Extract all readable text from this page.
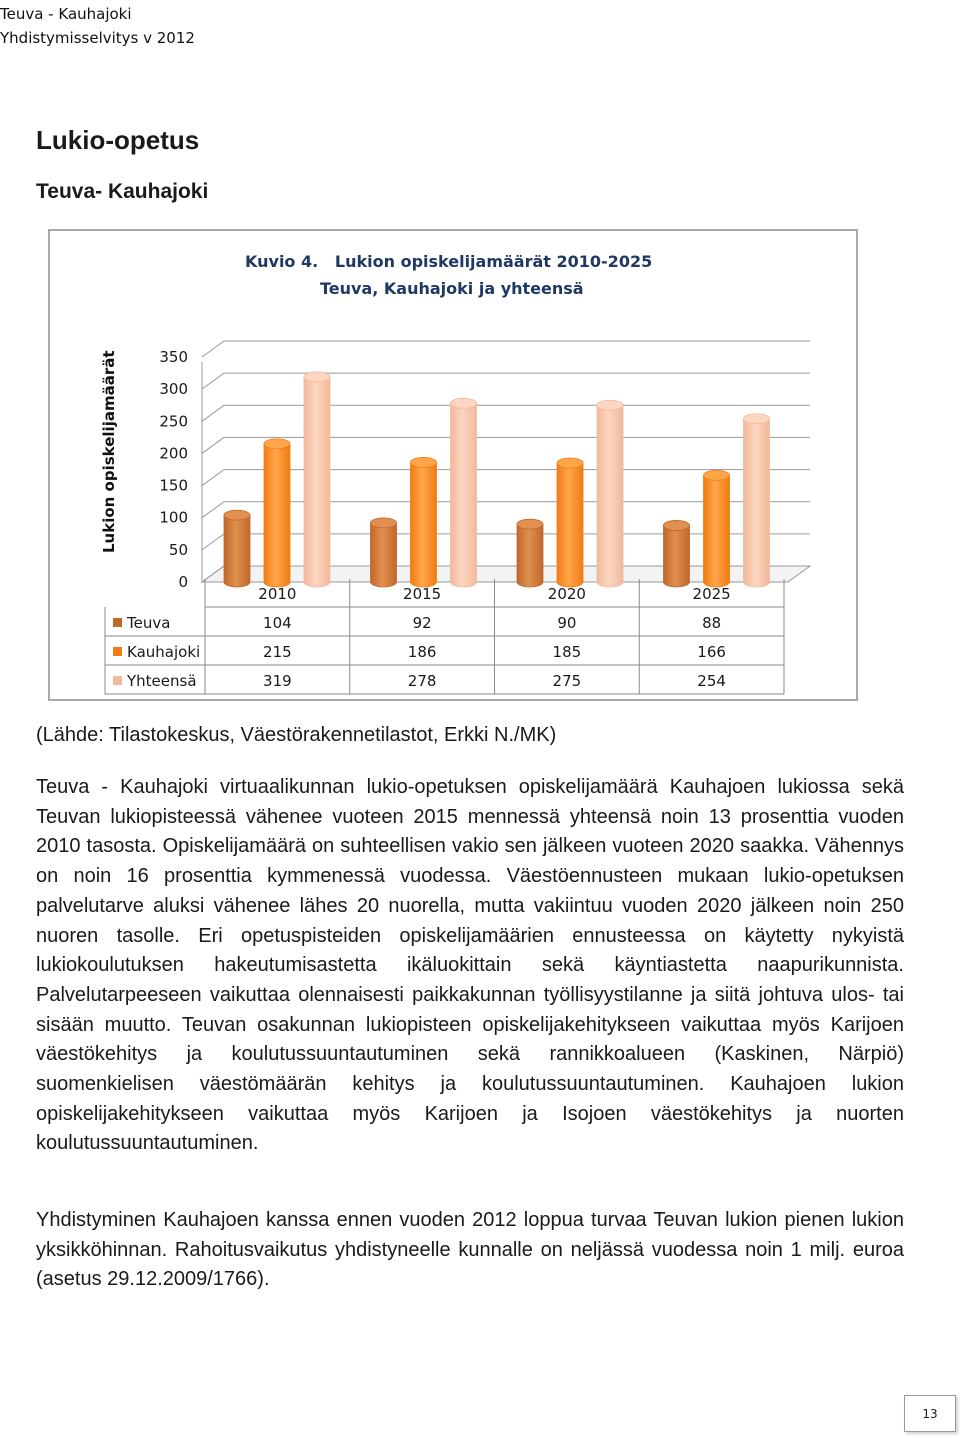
Teuva - Kauhajoki
Yhdistymisselvitys v 2012
Lukio-opetus
Teuva- Kauhajoki
Kuvio 4.   Lukion opiskelijamäärät 2010-2025
Teuva, Kauhajoki ja yhteensä
Lukion opiskelijamäärät
0
50
100
150
200
250
300
350
2010	2015	2020	2025
Teuva	104	92	90	88
Kauhajoki	215	186	185	166
Yhteensä	319	278	275	254
(Lähde: Tilastokeskus, Väestörakennetilastot, Erkki N./MK)

Teuva - Kauhajoki virtuaalikunnan lukio-opetuksen opiskelijamäärä Kauhajoen lukiossa sekä Teuvan lukiopisteessä vähenee vuoteen 2015 mennessä yhteensä noin 13 prosenttia vuoden 2010 tasosta. Opiskelijamäärä on suhteellisen vakio sen jälkeen vuoteen 2020 saakka. Vähennys on noin 16 prosenttia kymmenessä vuodessa. Väestöennusteen mukaan lukio-opetuksen palvelutarve aluksi vähenee lähes 20 nuorella, mutta vakiintuu vuoden 2020 jälkeen noin 250 nuoren tasolle. Eri opetuspisteiden opiskelijamäärien ennusteessa on käytetty nykyistä lukiokoulutuksen hakeutumisastetta ikäluokittain sekä käyntiastetta naapurikunnista. Palvelutarpeeseen vaikuttaa olennaisesti paikkakunnan työllisyystilanne ja siitä johtuva ulos- tai sisään muutto. Teuvan osakunnan lukiopisteen opiskelijakehitykseen vaikuttaa myös Karijoen väestökehitys ja koulutussuuntautuminen sekä rannikkoalueen (Kaskinen, Närpiö) suomenkielisen väestömäärän kehitys ja koulutussuuntautuminen. Kauhajoen lukion opiskelijakehitykseen vaikuttaa myös Karijoen ja Isojoen väestökehitys ja nuorten koulutussuuntautuminen.

Yhdistyminen Kauhajoen kanssa ennen vuoden 2012 loppua turvaa Teuvan lukion pienen lukion yksikköhinnan. Rahoitusvaikutus yhdistyneelle kunnalle on neljässä vuodessa noin 1 milj. euroa (asetus 29.12.2009/1766).

13
